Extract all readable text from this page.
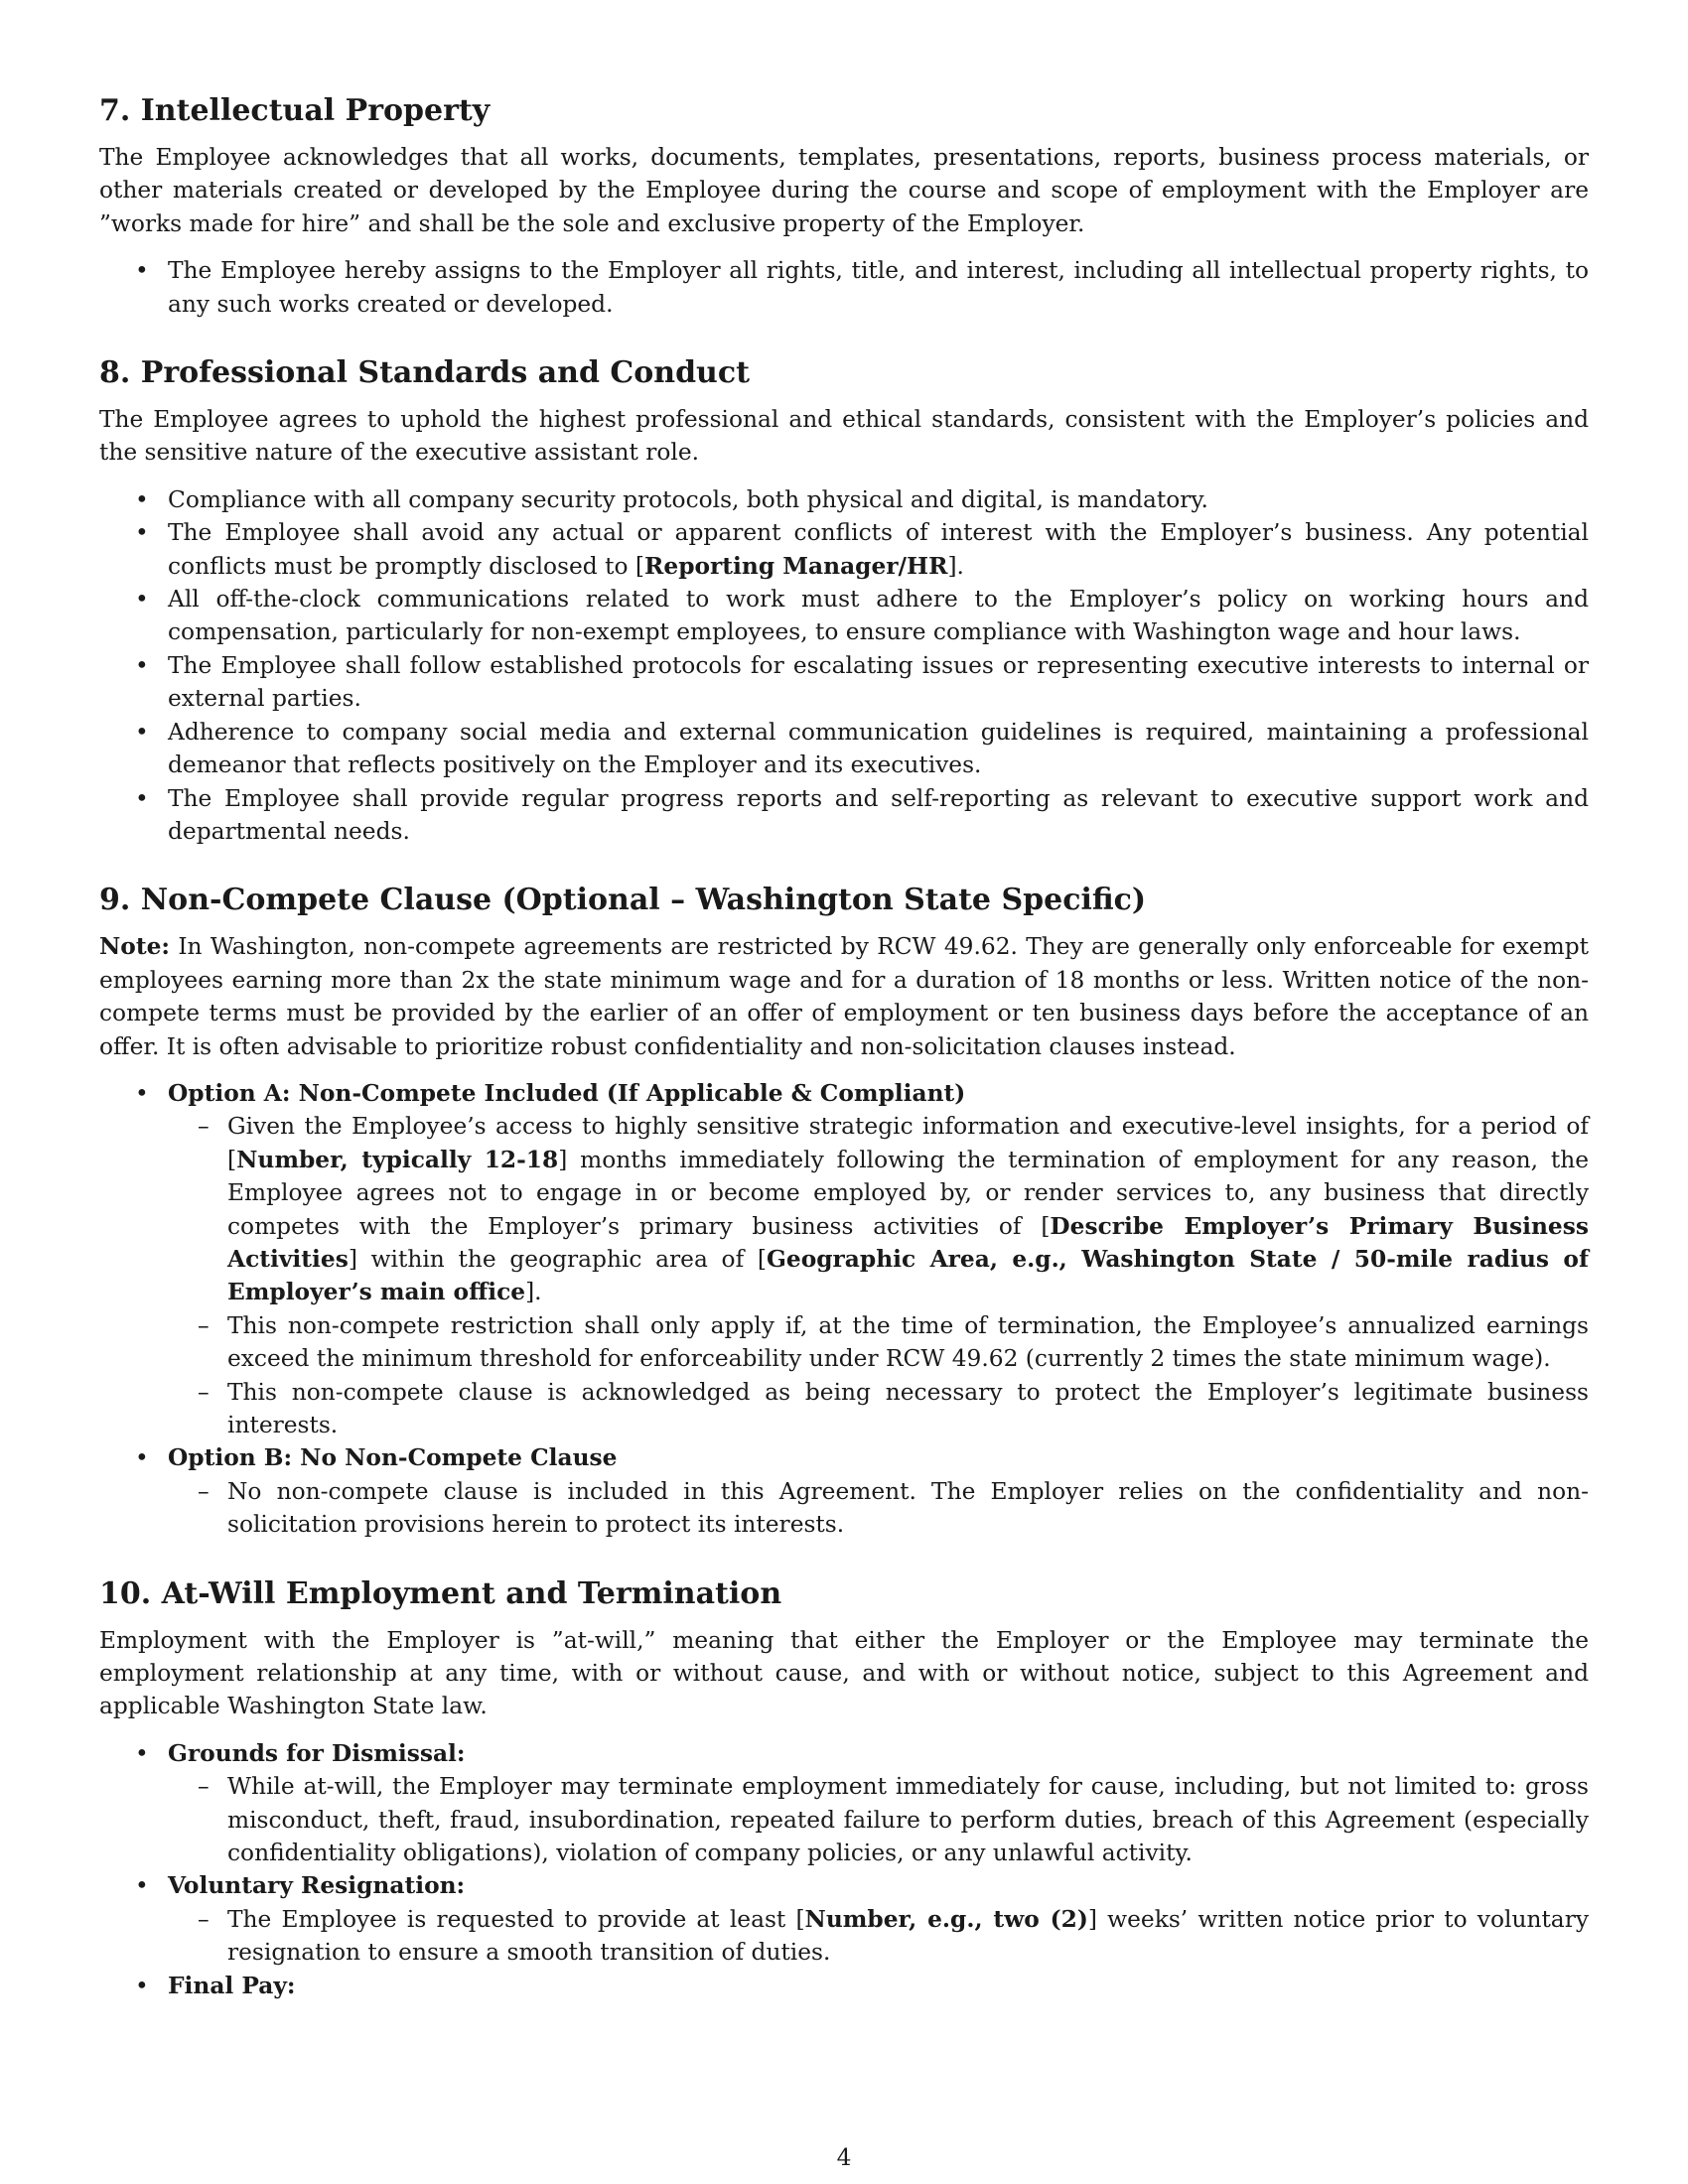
7. Intellectual Property

The Employee acknowledges that all works, documents, templates, presentations, reports, business process materials, or other materials created or developed by the Employee during the course and scope of employment with the Employer are ”works made for hire” and shall be the sole and exclusive property of the Employer.

• The Employee hereby assigns to the Employer all rights, title, and interest, including all intellectual property rights, to any such works created or developed.
8. Professional Standards and Conduct

The Employee agrees to uphold the highest professional and ethical standards, consistent with the Employer’s policies and the sensitive nature of the executive assistant role.

• Compliance with all company security protocols, both physical and digital, is mandatory.
• The Employee shall avoid any actual or apparent conflicts of interest with the Employer’s business. Any potential conflicts must be promptly disclosed to [Reporting Manager/HR].
• All off-the-clock communications related to work must adhere to the Employer’s policy on working hours and compensation, particularly for non-exempt employees, to ensure compliance with Washington wage and hour laws.
• The Employee shall follow established protocols for escalating issues or representing executive interests to internal or external parties.
• Adherence to company social media and external communication guidelines is required, maintaining a professional demeanor that reflects positively on the Employer and its executives.
• The Employee shall provide regular progress reports and self-reporting as relevant to executive support work and departmental needs.
9. Non-Compete Clause (Optional – Washington State Specific)

Note: In Washington, non-compete agreements are restricted by RCW 49.62. They are generally only enforceable for exempt employees earning more than 2x the state minimum wage and for a duration of 18 months or less. Written notice of the non-compete terms must be provided by the earlier of an offer of employment or ten business days before the acceptance of an offer. It is often advisable to prioritize robust confidentiality and non-solicitation clauses instead.

• Option A: Non-Compete Included (If Applicable & Compliant)
– Given the Employee’s access to highly sensitive strategic information and executive-level insights, for a period of [Number, typically 12-18] months immediately following the termination of employment for any reason, the Employee agrees not to engage in or become employed by, or render services to, any business that directly competes with the Employer’s primary business activities of [Describe Employer’s Primary Business Activities] within the geographic area of [Geographic Area, e.g., Washington State / 50-mile radius of Employer’s main office].
– This non-compete restriction shall only apply if, at the time of termination, the Employee’s annualized earnings exceed the minimum threshold for enforceability under RCW 49.62 (currently 2 times the state minimum wage).
– This non-compete clause is acknowledged as being necessary to protect the Employer’s legitimate business interests.
• Option B: No Non-Compete Clause
– No non-compete clause is included in this Agreement. The Employer relies on the confidentiality and non-solicitation provisions herein to protect its interests.
10. At-Will Employment and Termination

Employment with the Employer is ”at-will,” meaning that either the Employer or the Employee may terminate the employment relationship at any time, with or without cause, and with or without notice, subject to this Agreement and applicable Washington State law.

• Grounds for Dismissal:
– While at-will, the Employer may terminate employment immediately for cause, including, but not limited to: gross misconduct, theft, fraud, insubordination, repeated failure to perform duties, breach of this Agreement (especially confidentiality obligations), violation of company policies, or any unlawful activity.
• Voluntary Resignation:
– The Employee is requested to provide at least [Number, e.g., two (2)] weeks’ written notice prior to voluntary resignation to ensure a smooth transition of duties.
• Final Pay:
4
